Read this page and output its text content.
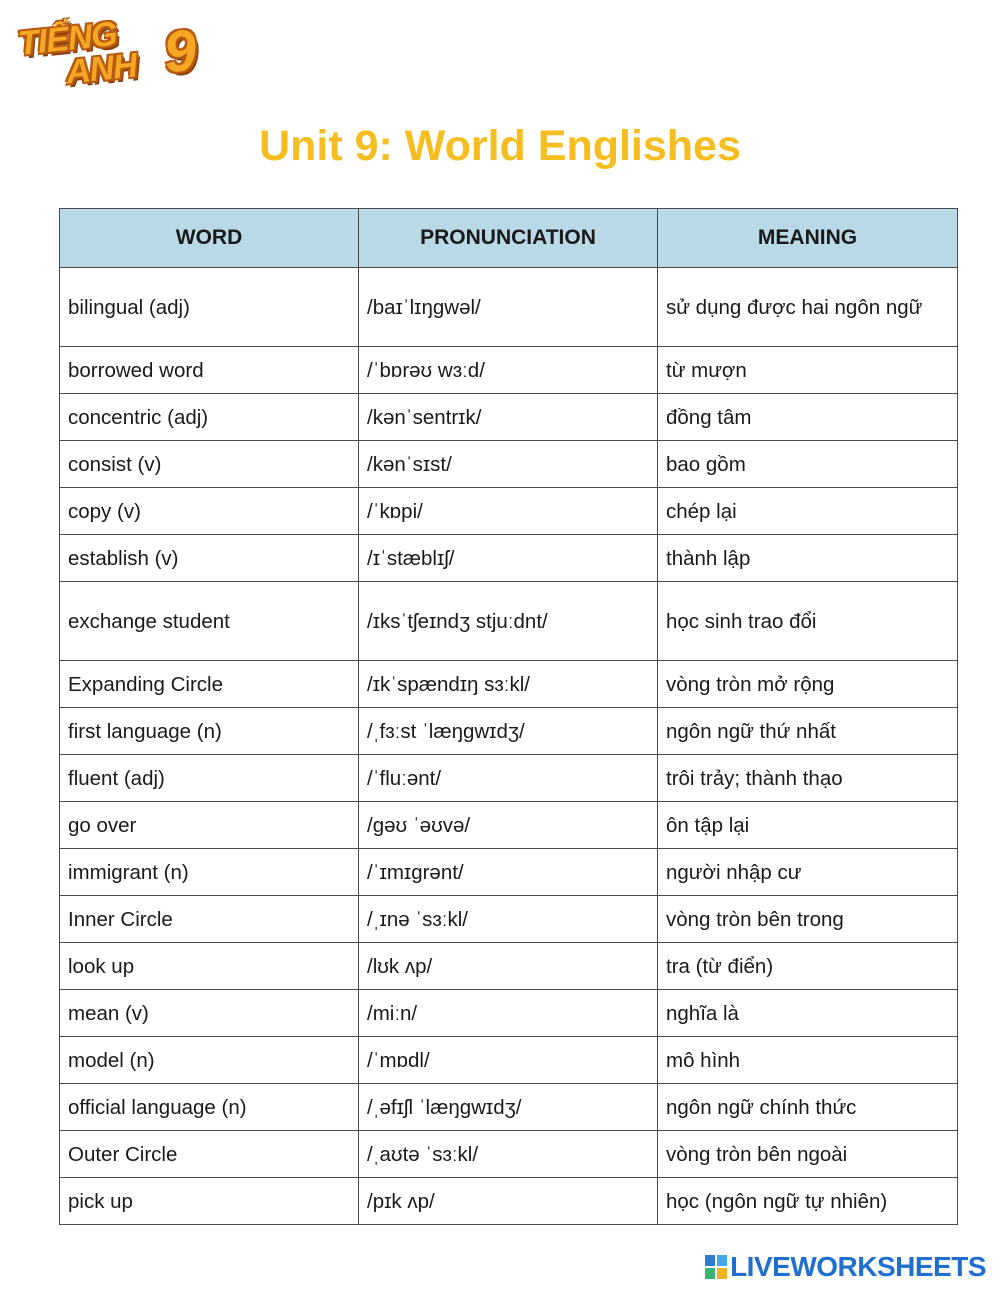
TIẾNG
ANH 9
Unit 9: World Englishes
WORD	PRONUNCIATION	MEANING
bilingual (adj)	/baɪˈlɪŋgwəl/	sử dụng được hai ngôn ngữ
borrowed word	/ˈbɒrəʊ wɜːd/	từ mượn
concentric (adj)	/kənˈsentrɪk/	đồng tâm
consist (v)	/kənˈsɪst/	bao gồm
copy (v)	/ˈkɒpi/	chép lại
establish (v)	/ɪˈstæblɪʃ/	thành lập
exchange student	/ɪksˈtʃeɪndʒ stjuːdnt/	học sinh trao đổi
Expanding Circle	/ɪkˈspændɪŋ sɜːkl/	vòng tròn mở rộng
first language (n)	/ˌfɜːst ˈlæŋgwɪdʒ/	ngôn ngữ thứ nhất
fluent (adj)	/ˈfluːənt/	trôi trảy; thành thạo
go over	/gəʊ ˈəʊvə/	ôn tập lại
immigrant (n)	/ˈɪmɪgrənt/	người nhập cư
Inner Circle	/ˌɪnə ˈsɜːkl/	vòng tròn bên trong
look up	/lʊk ʌp/	tra (từ điển)
mean (v)	/miːn/	nghĩa là
model (n)	/ˈmɒdl/	mô hình
official language (n)	/ˌəfɪʃl ˈlæŋgwɪdʒ/	ngôn ngữ chính thức
Outer Circle	/ˌaʊtə ˈsɜːkl/	vòng tròn bên ngoài
pick up	/pɪk ʌp/	học (ngôn ngữ tự nhiên)
LIVEWORKSHEETS
